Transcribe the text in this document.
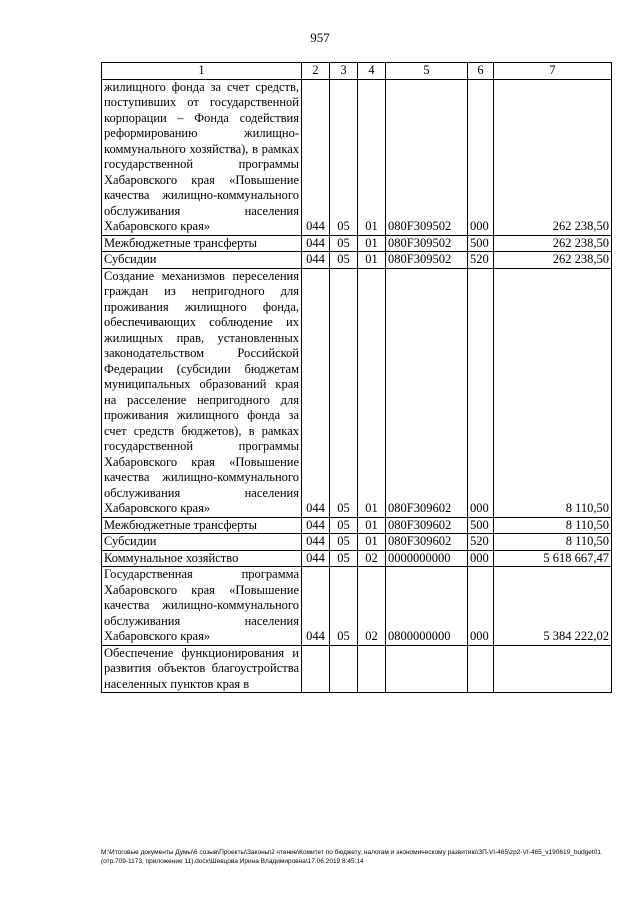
957
1	2	3	4	5	6	7
жилищного фонда за счет средств, поступивших от государственной корпорации – Фонда содействия реформированию жилищно-коммунального хозяйства), в рамках государственной программы Хабаровского края «Повышение качества жилищно-коммунального обслуживания населения Хабаровского края»	044	05	01	080F309502	000	262 238,50
Межбюджетные трансферты	044	05	01	080F309502	500	262 238,50
Субсидии	044	05	01	080F309502	520	262 238,50
Создание механизмов переселения граждан из непригодного для проживания жилищного фонда, обеспечивающих соблюдение их жилищных прав, установленных законодательством Российской Федерации (субсидии бюджетам муниципальных образований края на расселение непригодного для проживания жилищного фонда за счет средств бюджетов), в рамках государственной программы Хабаровского края «Повышение качества жилищно-коммунального обслуживания населения Хабаровского края»	044	05	01	080F309602	000	8 110,50
Межбюджетные трансферты	044	05	01	080F309602	500	8 110,50
Субсидии	044	05	01	080F309602	520	8 110,50
Коммунальное хозяйство	044	05	02	0000000000	000	5 618 667,47
Государственная программа Хабаровского края «Повышение качества жилищно-коммунального обслуживания населения Хабаровского края»	044	05	02	0800000000	000	5 384 222,02
Обеспечение функционирования и развития объектов благоустройства населенных пунктов края в						
M:\Итоговые документы Думы\6 созыв\Проекты\Законы\2 чтение\Комитет по бюджету, налогам и экономическому развитию\ЗП-VI-465\zp2-VI-465_v190619_budget01 (отр.709-1173, приложение 11).docx\Шевцова Ирина Владимировна\17.06.2019 8:45:14
